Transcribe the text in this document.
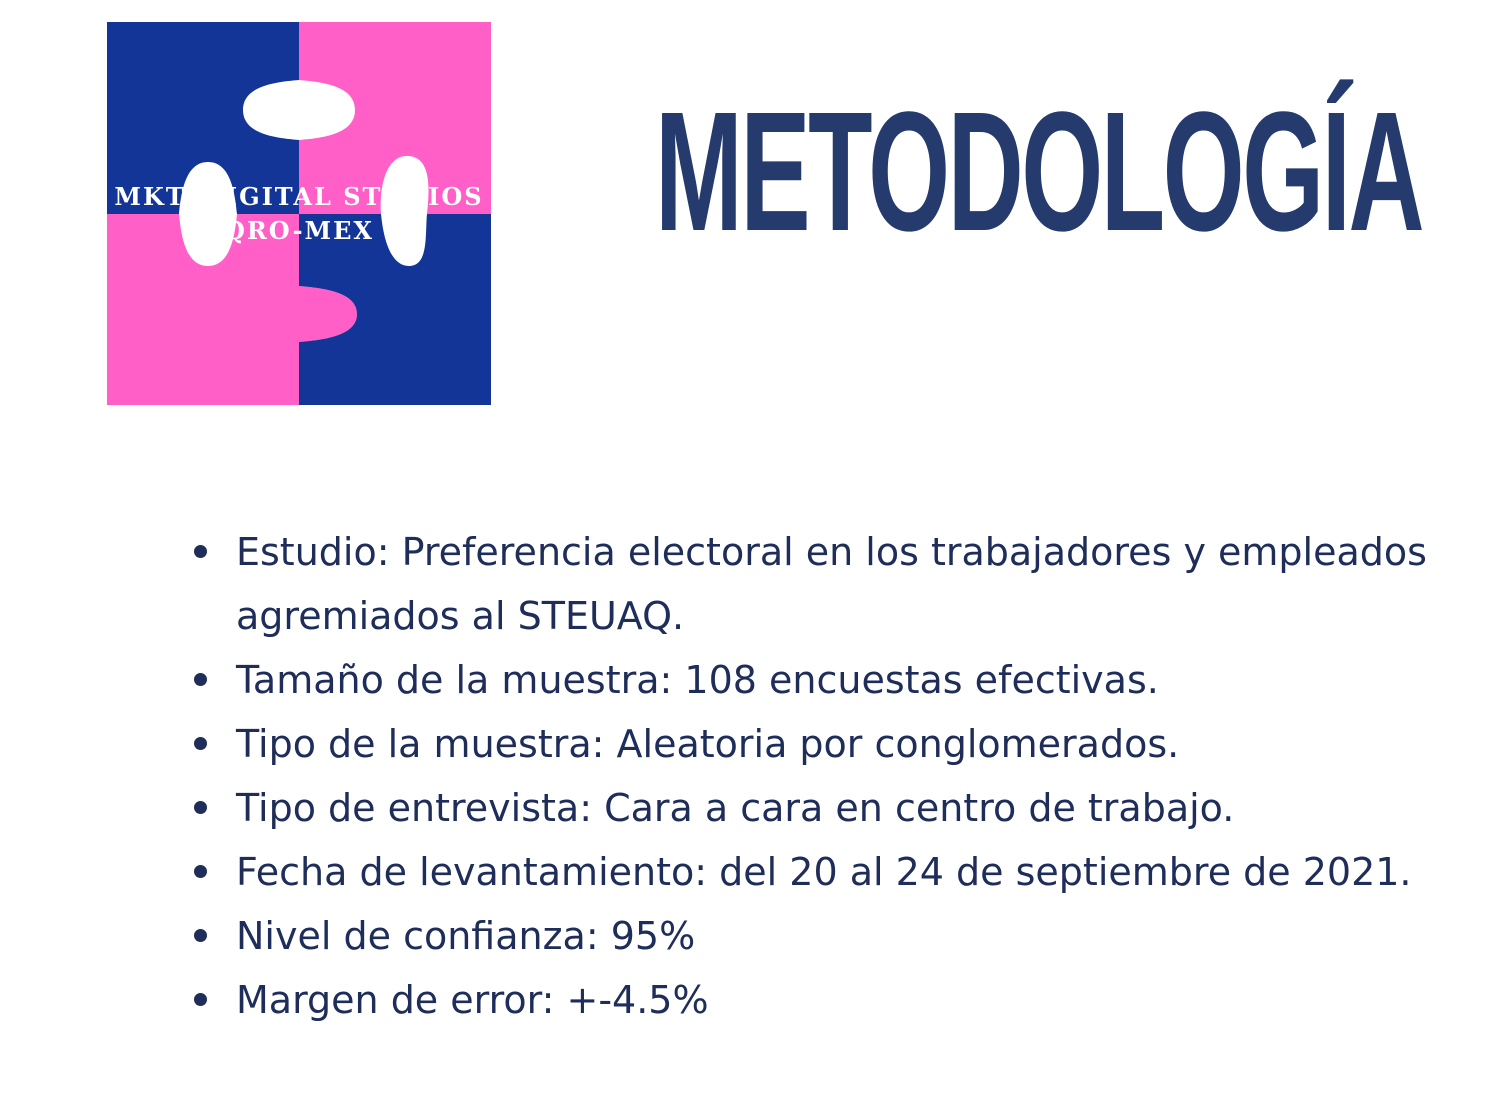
MKT•DIGITAL STUDIOS
QRO-MEX	METODOLOGÍA
Estudio: Preferencia electoral en los trabajadores y empleados agremiados al STEUAQ.
Tamaño de la muestra: 108 encuestas efectivas.
Tipo de la muestra: Aleatoria por conglomerados.
Tipo de entrevista: Cara a cara en centro de trabajo.
Fecha de levantamiento: del 20 al 24 de septiembre de 2021.
Nivel de confianza: 95%
Margen de error: +-4.5%
